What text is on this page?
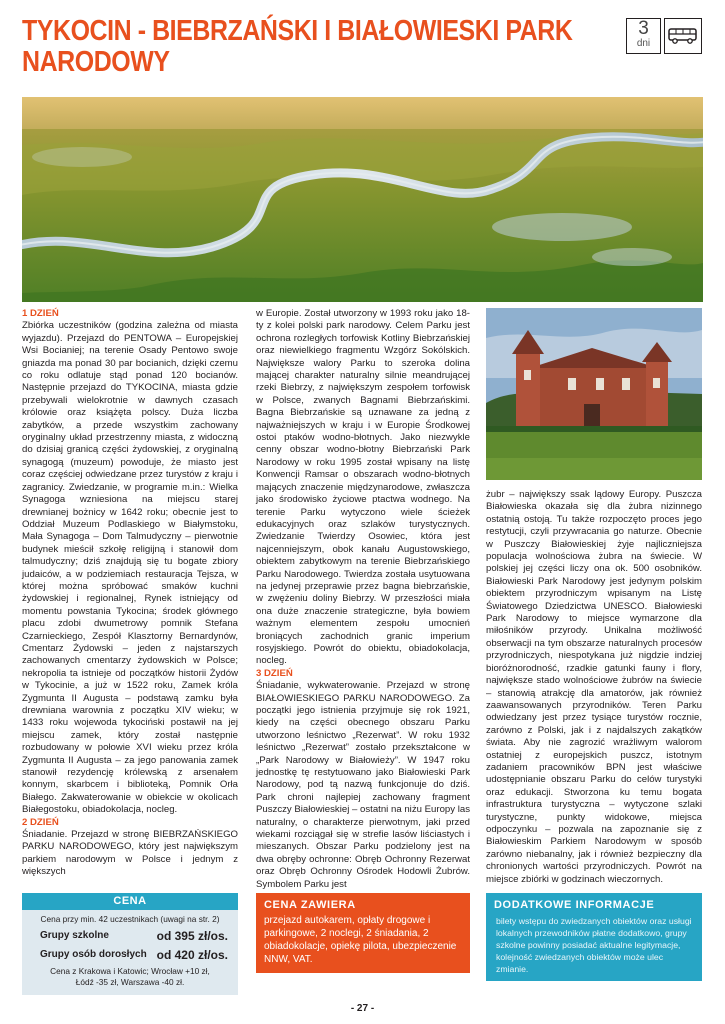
TYKOCIN - BIEBRZAŃSKI I BIAŁOWIESKI PARK
NARODOWY
3
dni
1 DZIEŃ

Zbiórka uczestników (godzina zależna od miasta wyjazdu). Przejazd do PENTOWA – Europejskiej Wsi Bocianiej; na terenie Osady Pentowo swoje gniazda ma ponad 30 par bocianich, dzięki czemu co roku odlatuje stąd ponad 120 bocianów. Następnie przejazd do TYKOCINA, miasta gdzie przebywali wielokrotnie w dawnych czasach królowie oraz książęta polscy. Duża liczba zabytków, a przede wszystkim zachowany oryginalny układ przestrzenny miasta, z widoczną do dzisiaj granicą części żydowskiej, z oryginalną synagogą (muzeum) powoduje, że miasto jest coraz częściej odwiedzane przez turystów z kraju i zagranicy. Zwiedzanie, w programie m.in.: Wielka Synagoga wzniesiona na miejscu starej drewnianej bożnicy w 1642 roku; obecnie jest to Oddział Muzeum Podlaskiego w Białymstoku, Mała Synagoga – Dom Talmudyczny – pierwotnie budynek mieścił szkołę religijną i stanowił dom talmudyczny; dziś znajdują się tu bogate zbiory judaiców, a w podziemiach restauracja Tejsza, w której można spróbować smaków kuchni żydowskiej i regionalnej, Rynek istniejący od momentu powstania Tykocina; środek głównego placu zdobi dwumetrowy pomnik Stefana Czarnieckiego, Zespół Klasztorny Bernardynów, Cmentarz Żydowski – jeden z najstarszych zachowanych cmentarzy żydowskich w Polsce; nekropolia ta istnieje od początków historii Żydów w Tykocinie, a już w 1522 roku, Zamek króla Zygmunta II Augusta – podstawą zamku była drewniana warownia z początku XIV wieku; w 1433 roku wojewoda tykociński postawił na jej miejscu zamek, który został następnie rozbudowany w połowie XVI wieku przez króla Zygmunta II Augusta – za jego panowania zamek stanowił rezydencję królewską z arsenałem konnym, skarbcem i biblioteką, Pomnik Orła Białego. Zakwaterowanie w obiekcie w okolicach Białegostoku, obiadokolacja, nocleg.

2 DZIEŃ

Śniadanie. Przejazd w stronę BIEBRZAŃSKIEGO PARKU NARODOWEGO, który jest największym parkiem narodowym w Polsce i jednym z większych

w Europie. Został utworzony w 1993 roku jako 18-ty z kolei polski park narodowy. Celem Parku jest ochrona rozległych torfowisk Kotliny Biebrzańskiej oraz niewielkiego fragmentu Wzgórz Sokólskich. Największe walory Parku to szeroka dolina mającej charakter naturalny silnie meandrującej rzeki Biebrzy, z największym zespołem torfowisk w Polsce, zwanych Bagnami Biebrzańskimi. Bagna Biebrzańskie są uznawane za jedną z najważniejszych w kraju i w Europie Środkowej ostoi ptaków wodno-błotnych. Jako niezwykle cenny obszar wodno-błotny Biebrzański Park Narodowy w roku 1995 został wpisany na listę Konwencji Ramsar o obszarach wodno-błotnych mających znaczenie międzynarodowe, zwłaszcza jako środowisko życiowe ptactwa wodnego. Na terenie Parku wytyczono wiele ścieżek edukacyjnych oraz szlaków turystycznych. Zwiedzanie Twierdzy Osowiec, która jest najcenniejszym, obok kanału Augustowskiego, obiektem zabytkowym na terenie Biebrzańskiego Parku Narodowego. Twierdza została usytuowana na jedynej przeprawie przez bagna biebrzańskie, w zwężeniu doliny Biebrzy. W przeszłości miała ona duże znaczenie strategiczne, była bowiem ważnym elementem zespołu umocnień broniących zachodnich granic imperium rosyjskiego. Powrót do obiektu, obiadokolacja, nocleg.

3 DZIEŃ

Śniadanie, wykwaterowanie. Przejazd w stronę BIAŁOWIESKIEGO PARKU NARODOWEGO. Za początki jego istnienia przyjmuje się rok 1921, kiedy na części obecnego obszaru Parku utworzono leśnictwo „Rezerwat”. W roku 1932 leśnictwo „Rezerwat” zostało przekształcone w „Park Narodowy w Białowieży”. W 1947 roku jednostkę tę restytuowano jako Białowieski Park Narodowy, pod tą nazwą funkcjonuje do dziś. Park chroni najlepiej zachowany fragment Puszczy Białowieskiej – ostatni na niżu Europy las naturalny, o charakterze pierwotnym, jaki przed wiekami rozciągał się w strefie lasów liściastych i mieszanych. Obszar Parku podzielony jest na dwa obręby ochronne: Obręb Ochronny Rezerwat oraz Obręb Ochronny Ośrodek Hodowli Żubrów. Symbolem Parku jest

żubr – największy ssak lądowy Europy. Puszcza Białowieska okazała się dla żubra nizinnego ostatnią ostoją. Tu także rozpoczęto proces jego restytucji, czyli przywracania go naturze. Obecnie w Puszczy Białowieskiej żyje najliczniejsza populacja wolnościowa żubra na świecie. W polskiej jej części liczy ona ok. 500 osobników. Białowieski Park Narodowy jest jedynym polskim obiektem przyrodniczym wpisanym na Listę Światowego Dziedzictwa UNESCO. Białowieski Park Narodowy to miejsce wymarzone dla miłośników przyrody. Unikalna możliwość obserwacji na tym obszarze naturalnych procesów przyrodniczych, niespotykana już nigdzie indziej bioróżnorodność, rzadkie gatunki fauny i flory, największe stado wolnościowe żubrów na świecie – stanowią atrakcję dla amatorów, jak również zaawansowanych przyrodników. Teren Parku odwiedzany jest przez tysiące turystów rocznie, zarówno z Polski, jak i z najdalszych zakątków świata. Aby nie zagrozić wrażliwym walorom ostatniej z europejskich puszcz, istotnym zadaniem pracowników BPN jest właściwe udostępnianie obszaru Parku do celów turystyki oraz edukacji. Stworzona ku temu bogata infrastruktura turystyczna – wytyczone szlaki turystyczne, punkty widokowe, miejsca odpoczynku – pozwala na zapoznanie się z Białowieskim Parkiem Narodowym w sposób zarówno niebanalny, jak i również bezpieczny dla chronionych wartości przyrodniczych. Powrót na miejsce zbiórki w godzinach wieczornych.

CENA
Cena przy min. 42 uczestnikach (uwagi na str. 2)
Grupy szkolne	od 395 zł/os.
Grupy osób dorosłych od 420 zł/os.
Cena z Krakowa i Katowic; Wrocław +10 zł,
Łódź -35 zł, Warszawa -40 zł.
CENA ZAWIERA
przejazd autokarem, opłaty drogowe i parkingowe, 2 noclegi, 2 śniadania, 2 obiadokolacje, opiekę pilota, ubezpieczenie NNW, VAT.
DODATKOWE INFORMACJE
bilety wstępu do zwiedzanych obiektów oraz usługi lokalnych przewodników płatne dodatkowo, grupy szkolne powinny posiadać aktualne legitymacje, kolejność zwiedzanych obiektów może ulec zmianie.
- 27 -
